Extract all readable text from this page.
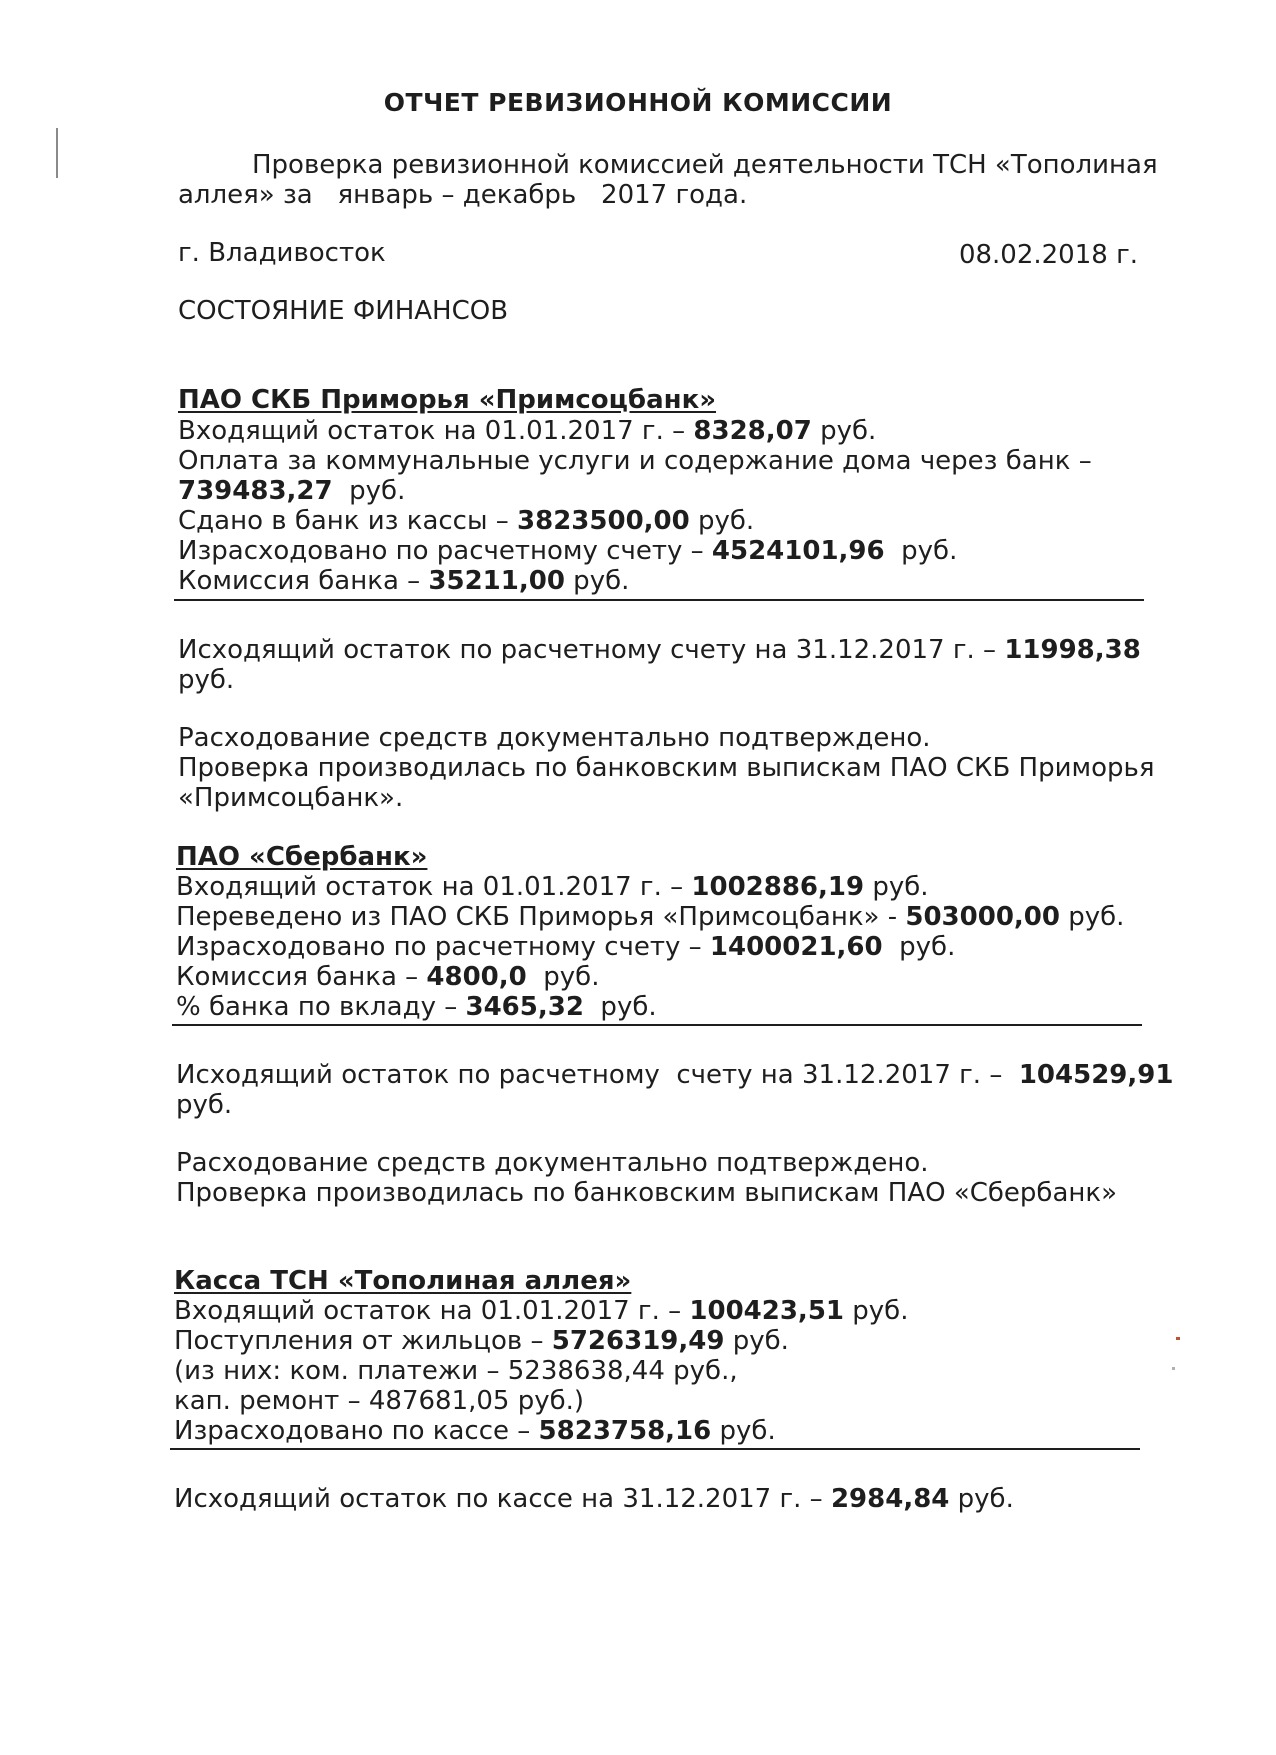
ОТЧЕТ РЕВИЗИОННОЙ КОМИССИИ
Проверка ревизионной комиссией деятельности ТСН «Тополиная
аллея» за   январь – декабрь   2017 года.
г. Владивосток	08.02.2018 г.
СОСТОЯНИЕ ФИНАНСОВ
ПАО СКБ Приморья «Примсоцбанк»
Входящий остаток на 01.01.2017 г. – 8328,07 руб.
Оплата за коммунальные услуги и содержание дома через банк –
739483,27  руб.
Сдано в банк из кассы – 3823500,00 руб.
Израсходовано по расчетному счету – 4524101,96  руб.
Комиссия банка – 35211,00 руб.
Исходящий остаток по расчетному счету на 31.12.2017 г. – 11998,38
руб.
Расходование средств документально подтверждено.
Проверка производилась по банковским выпискам ПАО СКБ Приморья
«Примсоцбанк».
ПАО «Сбербанк»
Входящий остаток на 01.01.2017 г. – 1002886,19 руб.
Переведено из ПАО СКБ Приморья «Примсоцбанк» - 503000,00 руб.
Израсходовано по расчетному счету – 1400021,60  руб.
Комиссия банка – 4800,0  руб.
% банка по вкладу – 3465,32  руб.
Исходящий остаток по расчетному  счету на 31.12.2017 г. –  104529,91
руб.
Расходование средств документально подтверждено.
Проверка производилась по банковским выпискам ПАО «Сбербанк»
Касса ТСН «Тополиная аллея»
Входящий остаток на 01.01.2017 г. – 100423,51 руб.
Поступления от жильцов – 5726319,49 руб.
(из них: ком. платежи – 5238638,44 руб.,
кап. ремонт – 487681,05 руб.)
Израсходовано по кассе – 5823758,16 руб.
Исходящий остаток по кассе на 31.12.2017 г. – 2984,84 руб.
